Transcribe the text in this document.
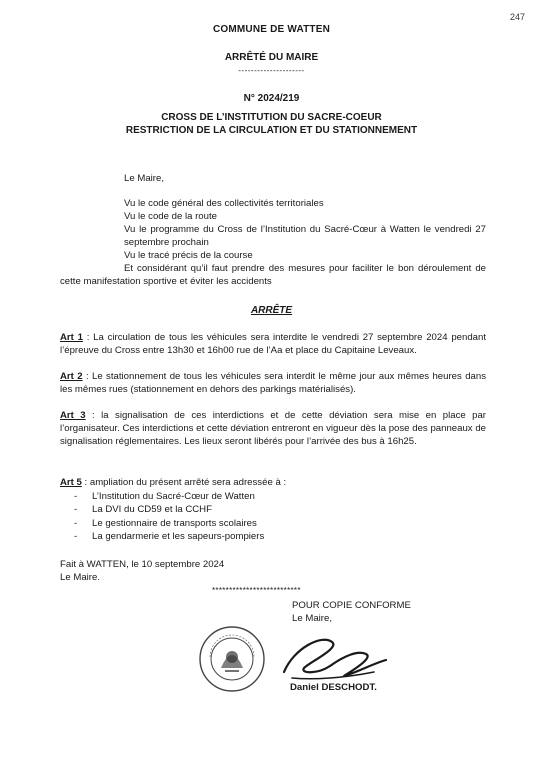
247
COMMUNE DE WATTEN
ARRÊTÉ DU MAIRE
---------------------
N° 2024/219
CROSS DE L’INSTITUTION DU SACRE-COEUR
RESTRICTION DE LA CIRCULATION ET DU STATIONNEMENT
Le Maire,
Vu le code général des collectivités territoriales
Vu le code de la route
Vu le programme du Cross de l’Institution du Sacré-Cœur à Watten le vendredi 27 septembre prochain
Vu le tracé précis de la course
Et considérant qu’il faut prendre des mesures pour faciliter le bon déroulement de cette manifestation sportive et éviter les accidents
ARRÊTE
Art 1 : La circulation de tous les véhicules sera interdite le vendredi 27 septembre 2024 pendant l’épreuve du Cross entre 13h30 et 16h00 rue de l’Aa et place du Capitaine Leveaux.
Art 2 : Le stationnement de tous les véhicules sera interdit le même jour aux mêmes heures dans les mêmes rues (stationnement en dehors des parkings matérialisés).
Art 3 : la signalisation de ces interdictions et de cette déviation sera mise en place par l’organisateur. Ces interdictions et cette déviation entreront en vigueur dès la pose des panneaux de signalisation réglementaires. Les lieux seront libérés pour l’arrivée des bus à 16h25.
Art 5 : ampliation du présent arrêté sera adressée à :
- L’Institution du Sacré-Cœur de Watten
- La DVI du CD59 et la CCHF
- Le gestionnaire de transports scolaires
- La gendarmerie et les sapeurs-pompiers
Fait à WATTEN, le 10 septembre 2024
Le Maire.
**************************
POUR COPIE CONFORME
Le Maire,
Daniel DESCHODT.
